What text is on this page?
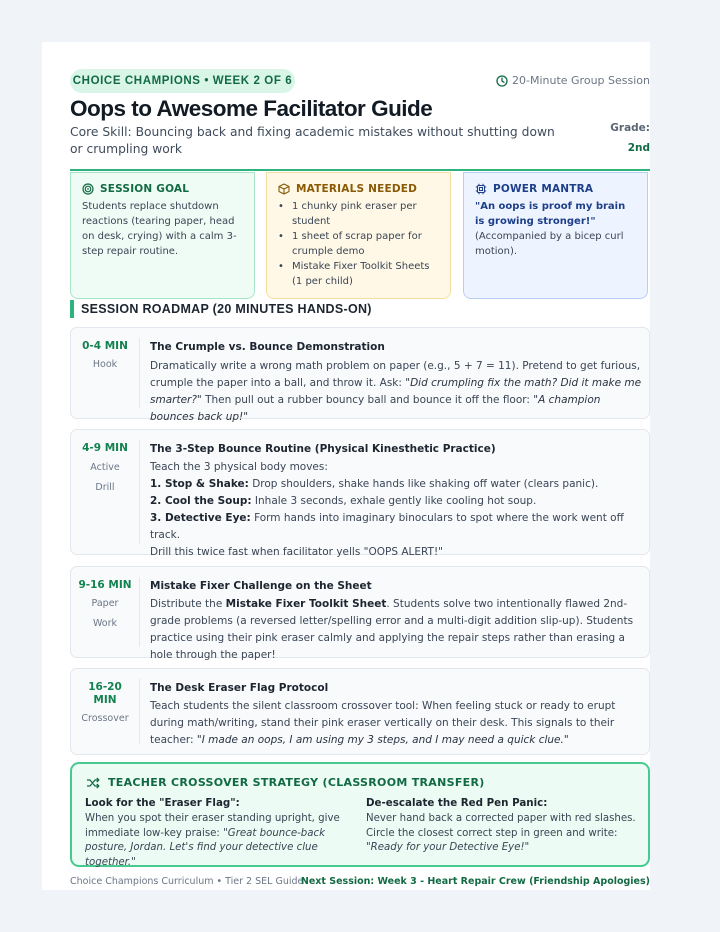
CHOICE CHAMPIONS • WEEK 2 OF 6	20-Minute Group Session
Oops to Awesome Facilitator Guide
Core Skill: Bouncing back and fixing academic mistakes without shutting down or crumpling work
Grade:
2nd
SESSION GOAL
Students replace shutdown reactions (tearing paper, head on desk, crying) with a calm 3-step repair routine.
MATERIALS NEEDED
• 1 chunky pink eraser per student
• 1 sheet of scrap paper for crumple demo
• Mistake Fixer Toolkit Sheets (1 per child)
POWER MANTRA
"An oops is proof my brain is growing stronger!" (Accompanied by a bicep curl motion).
SESSION ROADMAP (20 MINUTES HANDS-ON)
0-4 MIN
Hook
The Crumple vs. Bounce Demonstration
Dramatically write a wrong math problem on paper (e.g., 5 + 7 = 11). Pretend to get furious, crumple the paper into a ball, and throw it. Ask: "Did crumpling fix the math? Did it make me smarter?" Then pull out a rubber bouncy ball and bounce it off the floor: "A champion bounces back up!"
4-9 MIN
Active
Drill
The 3-Step Bounce Routine (Physical Kinesthetic Practice)
Teach the 3 physical body moves:
1. Stop & Shake: Drop shoulders, shake hands like shaking off water (clears panic).
2. Cool the Soup: Inhale 3 seconds, exhale gently like cooling hot soup.
3. Detective Eye: Form hands into imaginary binoculars to spot where the work went off track.
Drill this twice fast when facilitator yells "OOPS ALERT!"
9-16 MIN
Paper
Work
Mistake Fixer Challenge on the Sheet
Distribute the Mistake Fixer Toolkit Sheet. Students solve two intentionally flawed 2nd-grade problems (a reversed letter/spelling error and a multi-digit addition slip-up). Students practice using their pink eraser calmly and applying the repair steps rather than erasing a hole through the paper!
16-20
MIN
Crossover
The Desk Eraser Flag Protocol
Teach students the silent classroom crossover tool: When feeling stuck or ready to erupt during math/writing, stand their pink eraser vertically on their desk. This signals to their teacher: "I made an oops, I am using my 3 steps, and I may need a quick clue."
TEACHER CROSSOVER STRATEGY (CLASSROOM TRANSFER)
Look for the "Eraser Flag":
When you spot their eraser standing upright, give immediate low-key praise: "Great bounce-back posture, Jordan. Let's find your detective clue together."
De-escalate the Red Pen Panic:
Never hand back a corrected paper with red slashes. Circle the closest correct step in green and write: "Ready for your Detective Eye!"
Choice Champions Curriculum • Tier 2 SEL Guide
Next Session: Week 3 - Heart Repair Crew (Friendship Apologies)
